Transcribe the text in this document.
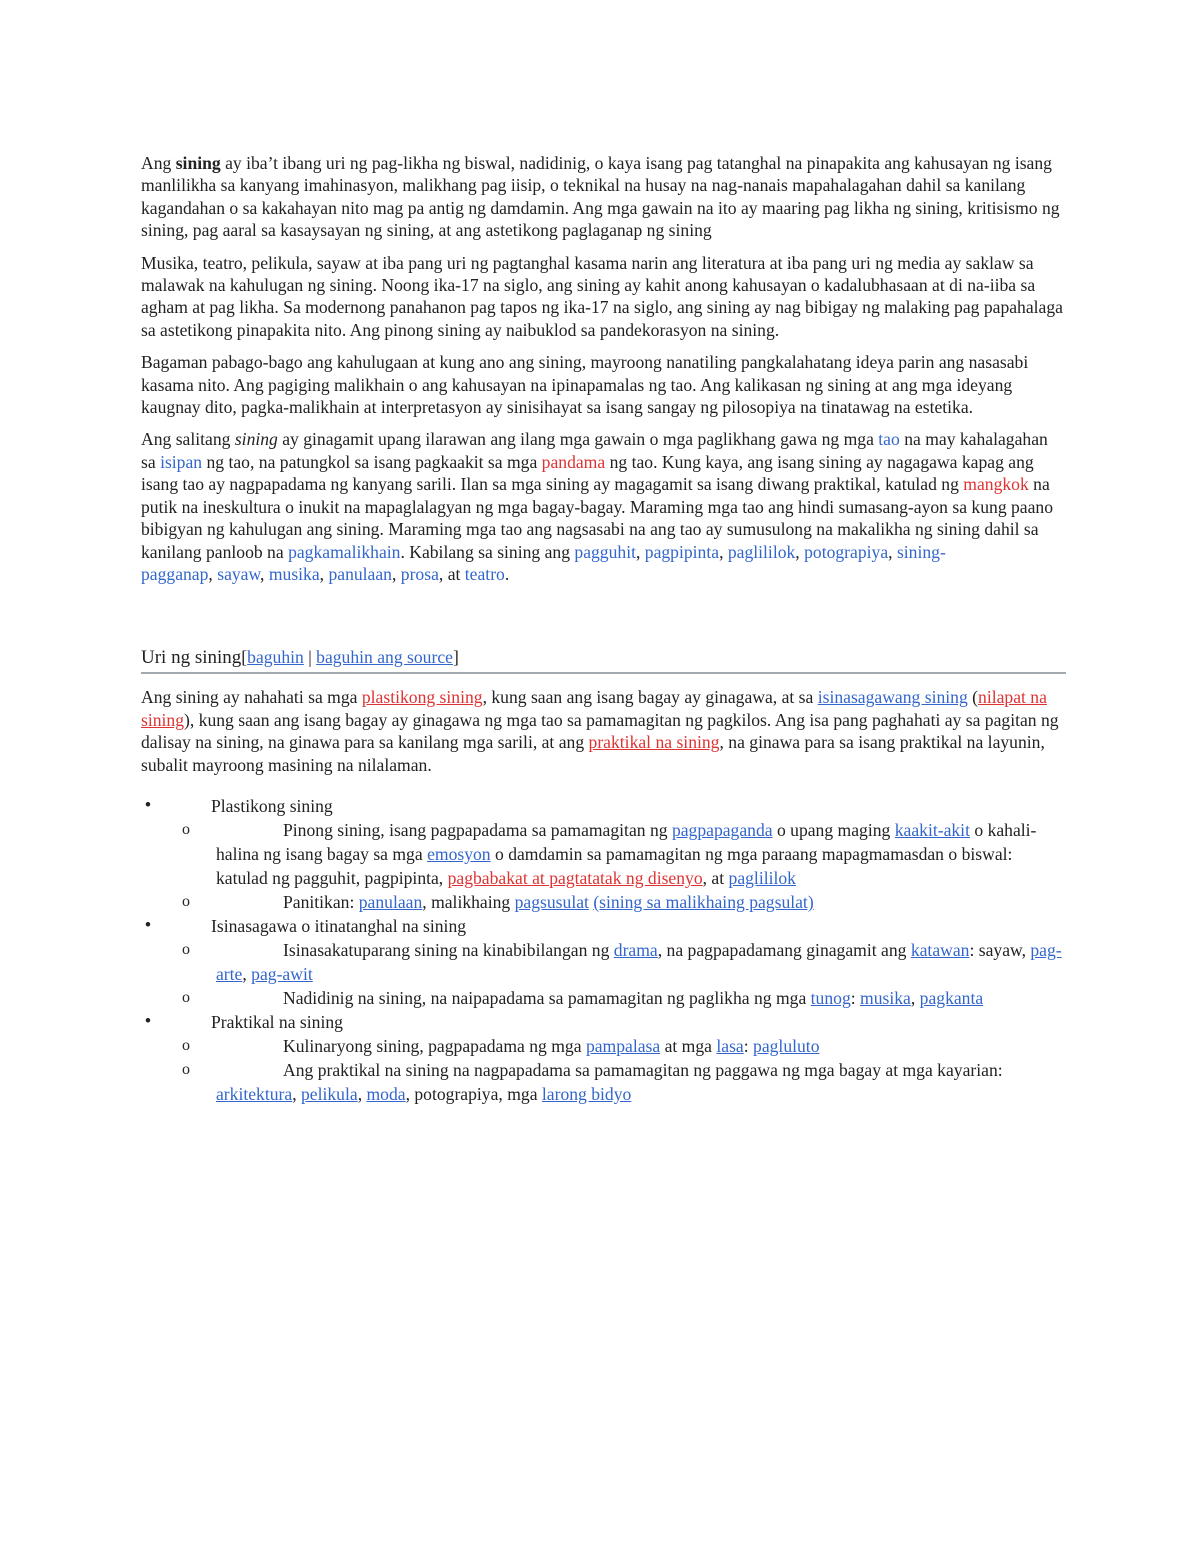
Ang sining ay iba’t ibang uri ng pag-likha ng biswal, nadidinig, o kaya isang pag tatanghal na pinapakita ang kahusayan ng isang manlilikha sa kanyang imahinasyon, malikhang pag iisip, o teknikal na husay na nag-nanais mapahalagahan dahil sa kanilang kagandahan o sa kakahayan nito mag pa antig ng damdamin. Ang mga gawain na ito ay maaring pag likha ng sining, kritisismo ng sining, pag aaral sa kasaysayan ng sining, at ang astetikong paglaganap ng sining

Musika, teatro, pelikula, sayaw at iba pang uri ng pagtanghal kasama narin ang literatura at iba pang uri ng media ay saklaw sa malawak na kahulugan ng sining. Noong ika-17 na siglo, ang sining ay kahit anong kahusayan o kadalubhasaan at di na-iiba sa agham at pag likha. Sa modernong panahanon pag tapos ng ika-17 na siglo, ang sining ay nag bibigay ng malaking pag papahalaga sa astetikong pinapakita nito. Ang pinong sining ay naibuklod sa pandekorasyon na sining.

Bagaman pabago-bago ang kahulugaan at kung ano ang sining, mayroong nanatiling pangkalahatang ideya parin ang nasasabi kasama nito. Ang pagiging malikhain o ang kahusayan na ipinapamalas ng tao. Ang kalikasan ng sining at ang mga ideyang kaugnay dito, pagka-malikhain at interpretasyon ay sinisihayat sa isang sangay ng pilosopiya na tinatawag na estetika.

Ang salitang sining ay ginagamit upang ilarawan ang ilang mga gawain o mga paglikhang gawa ng mga tao na may kahalagahan sa isipan ng tao, na patungkol sa isang pagkaakit sa mga pandama ng tao. Kung kaya, ang isang sining ay nagagawa kapag ang isang tao ay nagpapadama ng kanyang sarili. Ilan sa mga sining ay magagamit sa isang diwang praktikal, katulad ng mangkok na putik na ineskultura o inukit na mapaglalagyan ng mga bagay-bagay. Maraming mga tao ang hindi sumasang-ayon sa kung paano bibigyan ng kahulugan ang sining. Maraming mga tao ang nagsasabi na ang tao ay sumusulong na makalikha ng sining dahil sa kanilang panloob na pagkamalikhain. Kabilang sa sining ang pagguhit, pagpipinta, paglililok, potograpiya, sining-
pagganap, sayaw, musika, panulaan, prosa, at teatro.

Uri ng sining[baguhin | baguhin ang source]

Ang sining ay nahahati sa mga plastikong sining, kung saan ang isang bagay ay ginagawa, at sa isinasagawang sining (nilapat na sining), kung saan ang isang bagay ay ginagawa ng mga tao sa pamamagitan ng pagkilos. Ang isa pang paghahati ay sa pagitan ng dalisay na sining, na ginawa para sa kanilang mga sarili, at ang praktikal na sining, na ginawa para sa isang praktikal na layunin, subalit mayroong masining na nilalaman.

•	Plastikong sining
o	Pinong sining, isang pagpapadama sa pamamagitan ng pagpapaganda o upang maging kaakit-akit o kahali-halina ng isang bagay sa mga emosyon o damdamin sa pamamagitan ng mga paraang mapagmamasdan o biswal: katulad ng pagguhit, pagpipinta, pagbabakat at pagtatatak ng disenyo, at paglililok
o	Panitikan: panulaan, malikhaing pagsusulat (sining sa malikhaing pagsulat)
•	Isinasagawa o itinatanghal na sining
o	Isinasakatuparang sining na kinabibilangan ng drama, na pagpapadamang ginagamit ang katawan: sayaw, pag-arte, pag-awit
o	Nadidinig na sining, na naipapadama sa pamamagitan ng paglikha ng mga tunog: musika, pagkanta
•	Praktikal na sining
o	Kulinaryong sining, pagpapadama ng mga pampalasa at mga lasa: pagluluto
o	Ang praktikal na sining na nagpapadama sa pamamagitan ng paggawa ng mga bagay at mga kayarian: arkitektura, pelikula, moda, potograpiya, mga larong bidyo
